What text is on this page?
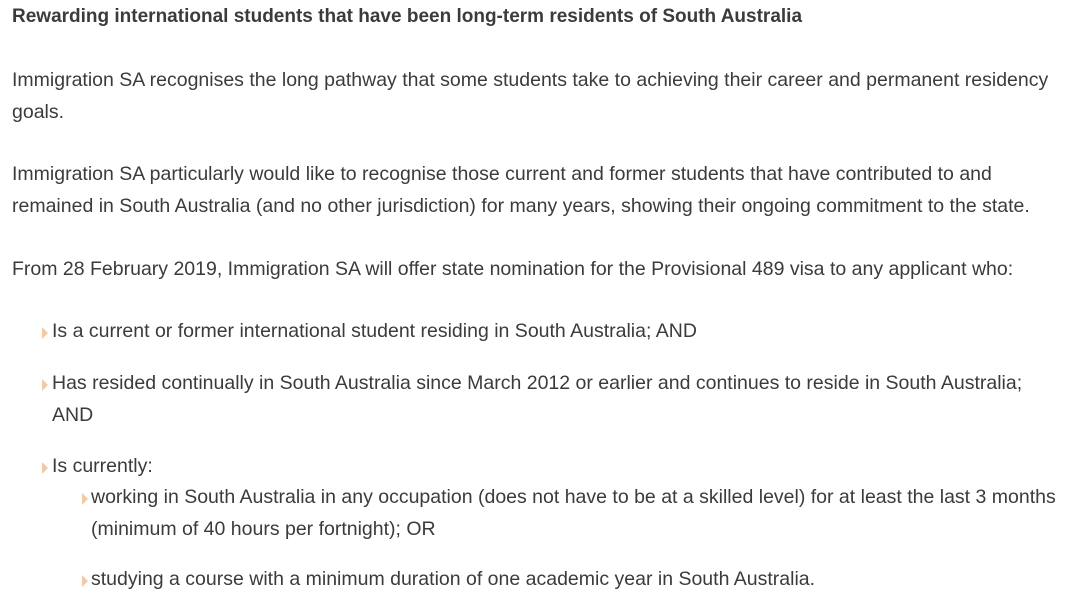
Rewarding international students that have been long-term residents of South Australia
Immigration SA recognises the long pathway that some students take to achieving their career and permanent residency goals.
Immigration SA particularly would like to recognise those current and former students that have contributed to and remained in South Australia (and no other jurisdiction) for many years, showing their ongoing commitment to the state.
From 28 February 2019, Immigration SA will offer state nomination for the Provisional 489 visa to any applicant who:
Is a current or former international student residing in South Australia; AND
Has resided continually in South Australia since March 2012 or earlier and continues to reside in South Australia; AND
Is currently:
working in South Australia in any occupation (does not have to be at a skilled level) for at least the last 3 months (minimum of 40 hours per fortnight); OR
studying a course with a minimum duration of one academic year in South Australia.
